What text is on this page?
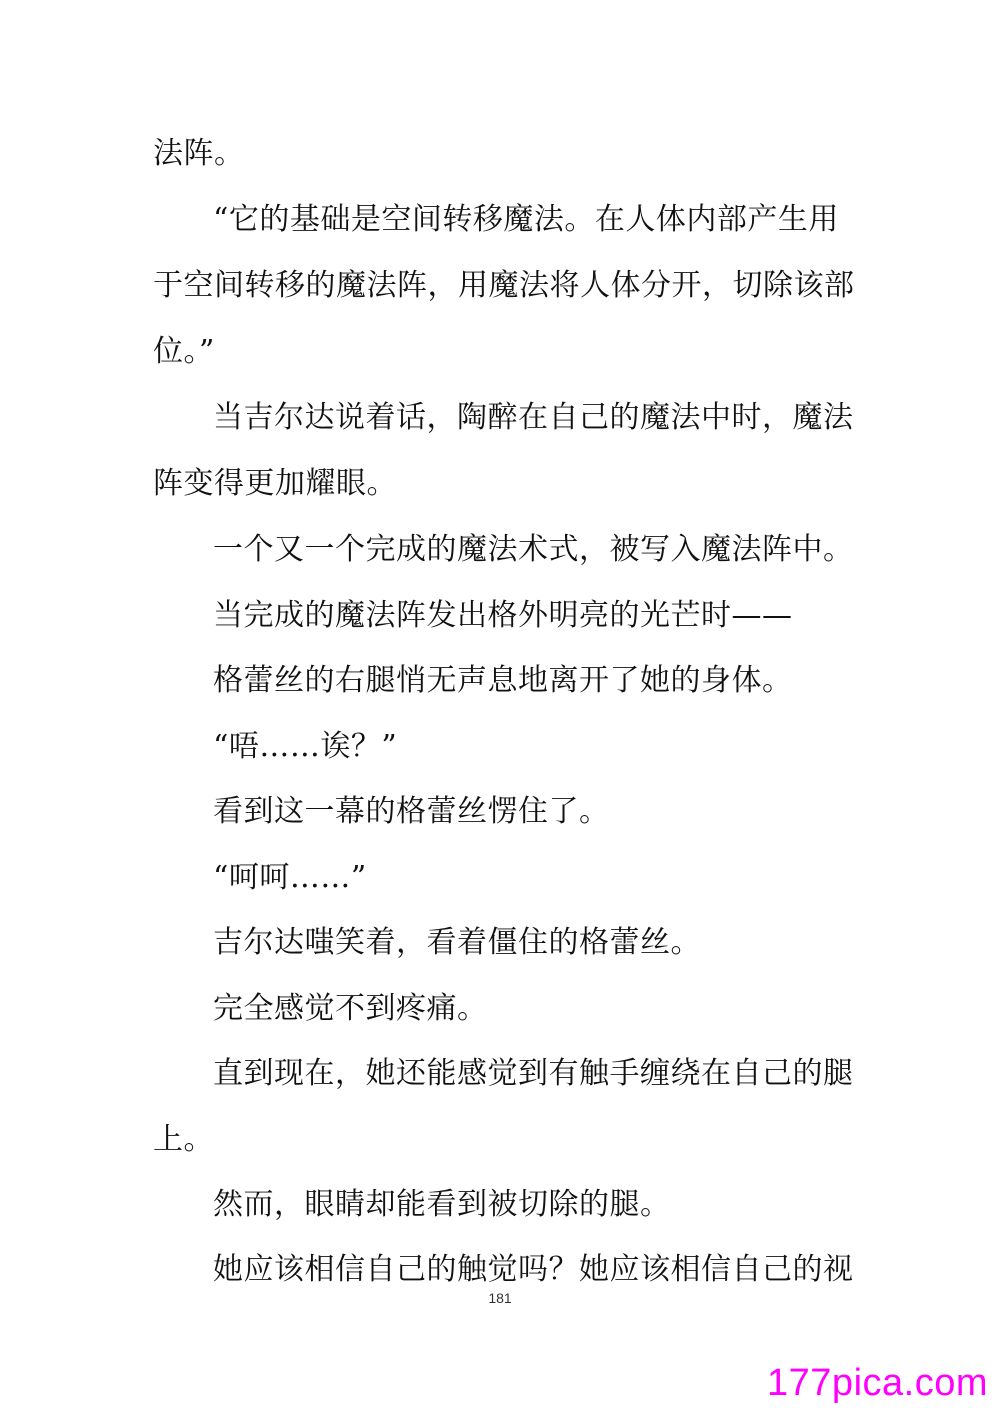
法阵。
“它的基础是空间转移魔法。在人体内部产生用
于空间转移的魔法阵，用魔法将人体分开，切除该部
位。”
当吉尔达说着话，陶醉在自己的魔法中时，魔法
阵变得更加耀眼。
一个又一个完成的魔法术式，被写入魔法阵中。
当完成的魔法阵发出格外明亮的光芒时——
格蕾丝的右腿悄无声息地离开了她的身体。
“唔……诶？”
看到这一幕的格蕾丝愣住了。
“呵呵……”
吉尔达嗤笑着，看着僵住的格蕾丝。
完全感觉不到疼痛。
直到现在，她还能感觉到有触手缠绕在自己的腿
上。
然而，眼睛却能看到被切除的腿。
她应该相信自己的触觉吗？她应该相信自己的视
181
177pica.com
